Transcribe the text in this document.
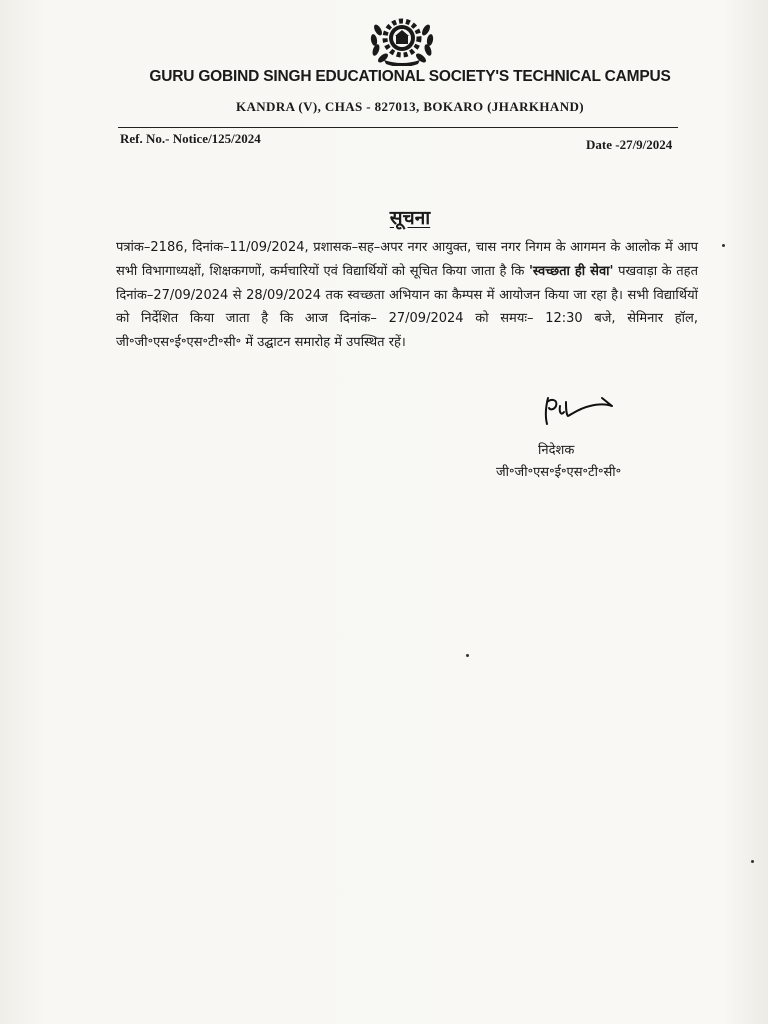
GURU GOBIND SINGH EDUCATIONAL SOCIETY'S TECHNICAL CAMPUS
KANDRA (V), CHAS - 827013, BOKARO (JHARKHAND)
Ref. No.- Notice/125/2024	Date -27/9/2024
सूचना

पत्रांक–2186, दिनांक–11/09/2024, प्रशासक–सह–अपर नगर आयुक्त, चास नगर निगम के आगमन के आलोक में आप सभी विभागाध्यक्षों, शिक्षकगणों, कर्मचारियों एवं विद्यार्थियों को सूचित किया जाता है कि 'स्वच्छता ही सेवा' पखवाड़ा के तहत दिनांक–27/09/2024 से 28/09/2024 तक स्वच्छता अभियान का कैम्पस में आयोजन किया जा रहा है। सभी विद्यार्थियों को निर्देशित किया जाता है कि आज दिनांक– 27/09/2024 को समयः– 12:30 बजे, सेमिनार हॉल, जी॰जी॰एस॰ई॰एस॰टी॰सी॰ में उद्घाटन समारोह में उपस्थित रहें।

निदेशक
जी॰जी॰एस॰ई॰एस॰टी॰सी॰
